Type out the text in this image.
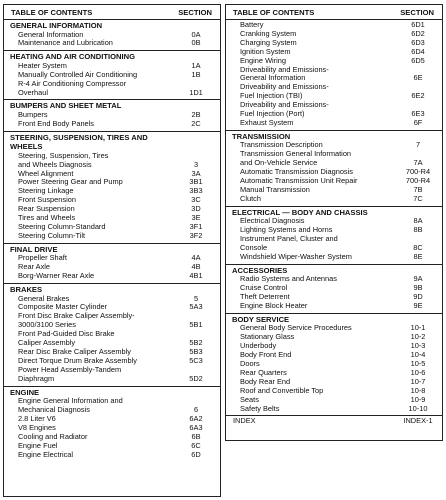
TABLE OF CONTENTS	SECTION
GENERAL INFORMATION
General Information	0A
Maintenance and Lubrication	0B
HEATING AND AIR CONDITIONING
Heater System	1A
Manually Controlled Air Conditioning	1B
R-4 Air Conditioning Compressor
Overhaul	1D1
BUMPERS AND SHEET METAL
Bumpers	2B
Front End Body Panels	2C
STEERING, SUSPENSION, TIRES AND
WHEELS
Steering, Suspension, Tires
and Wheels Diagnosis	3
Wheel Alignment	3A
Power Steering Gear and Pump	3B1
Steering Linkage	3B3
Front Suspension	3C
Rear Suspension	3D
Tires and Wheels	3E
Steering Column-Standard	3F1
Steering Column-Tilt	3F2
FINAL DRIVE
Propeller Shaft	4A
Rear Axle	4B
Borg-Warner Rear Axle	4B1
BRAKES
General Brakes	5
Composite Master Cylinder	5A3
Front Disc Brake Caliper Assembly-
3000/3100 Series	5B1
Front Pad-Guided Disc Brake
Caliper Assembly	5B2
Rear Disc Brake Caliper Assembly	5B3
Direct Torque Drum Brake Assembly	5C3
Power Head Assembly-Tandem
Diaphragm	5D2
ENGINE
Engine General Information and
Mechanical Diagnosis	6
2.8 Liter V6	6A2
V8 Engines	6A3
Cooling and Radiator	6B
Engine Fuel	6C
Engine Electrical	6D
TABLE OF CONTENTS	SECTION
Battery	6D1
Cranking System	6D2
Charging System	6D3
Ignition System	6D4
Engine Wiring	6D5
Driveability and Emissions-
General Information	6E
Driveability and Emissions-
Fuel Injection (TBI)	6E2
Driveability and Emissions-
Fuel Injection (Port)	6E3
Exhaust System	6F
TRANSMISSION
Transmission Description	7
Transmission General Information
and On-Vehicle Service	7A
Automatic Transmission Diagnosis	700-R4
Automatic Transmission Unit Repair	700-R4
Manual Transmission	7B
Clutch	7C
ELECTRICAL — BODY AND CHASSIS
Electrical Diagnosis	8A
Lighting Systems and Horns	8B
Instrument Panel, Cluster and
Console	8C
Windshield Wiper-Washer System	8E
ACCESSORIES
Radio Systems and Antennas	9A
Cruise Control	9B
Theft Deterrent	9D
Engine Block Heater	9E
BODY SERVICE
General Body Service Procedures	10-1
Stationary Glass	10-2
Underbody	10-3
Body Front End	10-4
Doors	10-5
Rear Quarters	10-6
Body Rear End	10-7
Roof and Convertible Top	10-8
Seats	10-9
Safety Belts	10-10
INDEX	INDEX-1
